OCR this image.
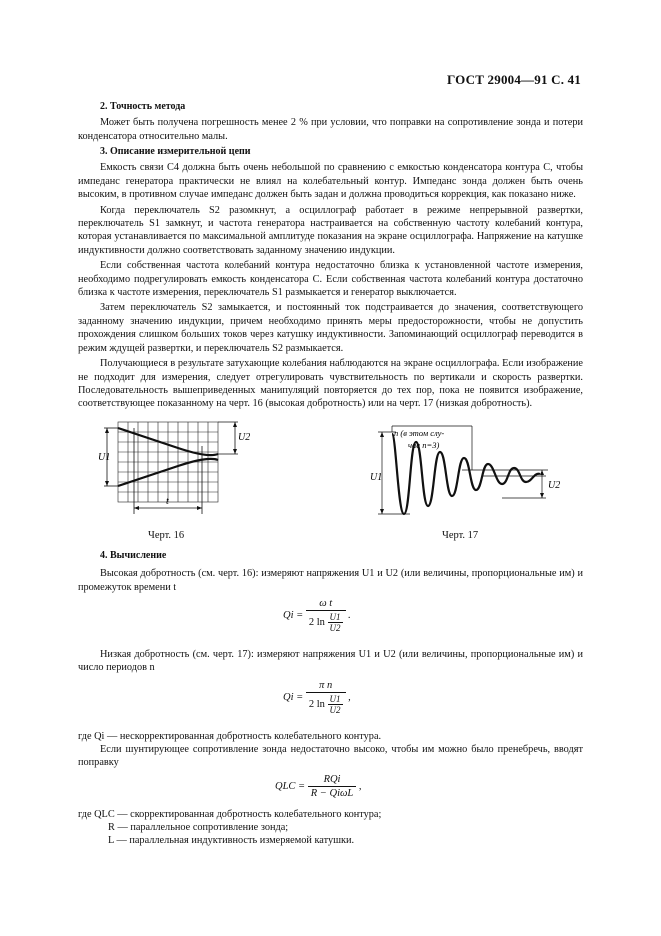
ГОСТ 29004—91 С. 41
2. Точность метода
Может быть получена погрешность менее 2 % при условии, что поправки на сопротивление зонда и потери конденсатора относительно малы.
3. Описание измерительной цепи
Емкость связи C4 должна быть очень небольшой по сравнению с емкостью конденсатора контура C, чтобы импеданс генератора практически не влиял на колебательный контур. Импеданс зонда должен быть очень высоким, в противном случае импеданс должен быть задан и должна проводиться коррекция, как показано ниже.
Когда переключатель S2 разомкнут, а осциллограф работает в режиме непрерывной развертки, переключатель S1 замкнут, и частота генератора настраивается на собственную частоту колебаний контура, которая устанавливается по максимальной амплитуде показания на экране осциллографа. Напряжение на катушке индуктивности должно соответствовать заданному значению индукции.
Если собственная частота колебаний контура недостаточно близка к установленной частоте измерения, необходимо подрегулировать емкость конденсатора C. Если собственная частота колебаний контура достаточно близка к частоте измерения, переключатель S1 размыкается и генератор выключается.
Затем переключатель S2 замыкается, и постоянный ток подстраивается до значения, соответствующего заданному значению индукции, причем необходимо принять меры предосторожности, чтобы не допустить прохождения слишком больших токов через катушку индуктивности. Запоминающий осциллограф переводится в режим ждущей развертки, и переключатель S2 размыкается.
Получающиеся в результате затухающие колебания наблюдаются на экране осциллографа. Если изображение не подходит для измерения, следует отрегулировать чувствительность по вертикали и скорость развертки. Последовательность вышеприведенных манипуляций повторяется до тех пор, пока не появится изображение, соответствующее показанному на черт. 16 (высокая добротность) или на черт. 17 (низкая добротность).
U1
U2
t
Черт. 16
U1
U2
n (в этом слу-
чае n=3)
Черт. 17
4. Вычисление
Высокая добротность (см. черт. 16): измеряют напряжения U1 и U2 (или величины, пропорциональные им) и промежуток времени t
$Qi = \frac{\text{ω t}}{2 \ln \frac{U1}{U2}}$ .
Низкая добротность (см. черт. 17): измеряют напряжения U1 и U2 (или величины, пропорциональные им) и число периодов n
$Qi = \frac{\text{π n}}{2 \ln \frac{U1}{U2}}$ ,
где Qi — нескорректированная добротность колебательного контура.
Если шунтирующее сопротивление зонда недостаточно высоко, чтобы им можно было пренебречь, вводят поправку
QLC = $\frac{\text{RQi}}{\text{R − QiωL}}$ ,
где QLC — скорректированная добротность колебательного контура;
R — параллельное сопротивление зонда;
L — параллельная индуктивность измеряемой катушки.
